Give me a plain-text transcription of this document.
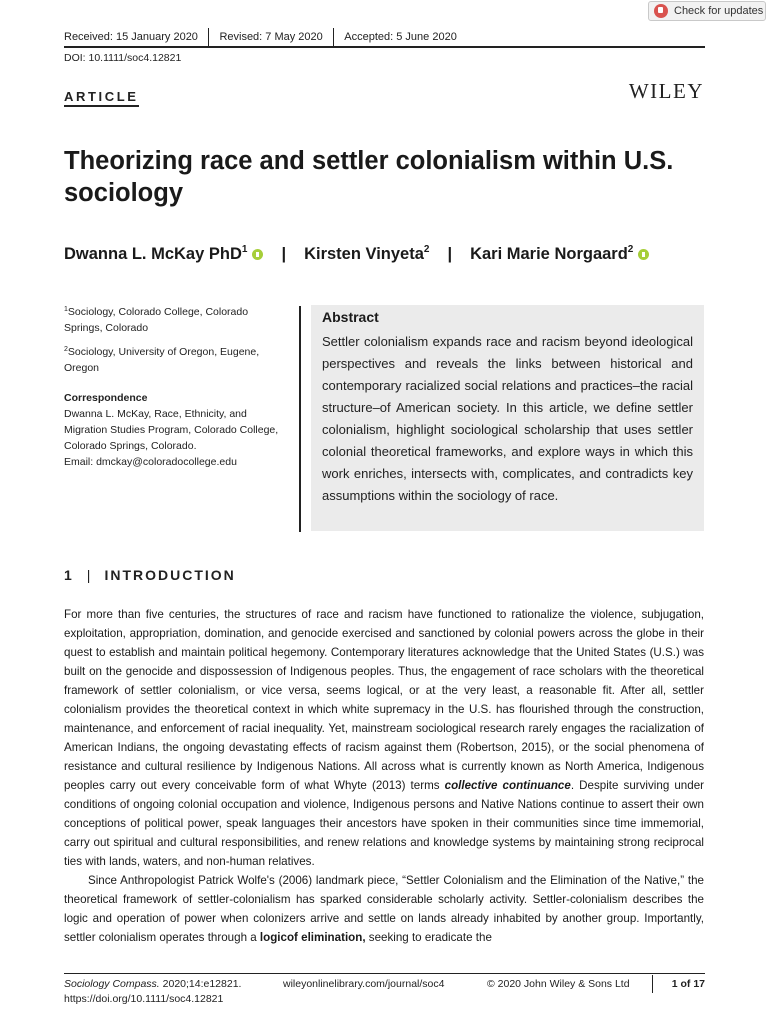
Check for updates
Received: 15 January 2020 Revised: 7 May 2020 Accepted: 5 June 2020
DOI: 10.1111/soc4.12821
ARTICLE	WILEY
Theorizing race and settler colonialism within U.S. sociology
Dwanna L. McKay PhD$^1$ | Kirsten Vinyeta$^2$ | Kari Marie Norgaard$^2$

$^1$Sociology, Colorado College, Colorado Springs, Colorado

$^2$Sociology, University of Oregon, Eugene, Oregon

Correspondence

Dwanna L. McKay, Race, Ethnicity, and Migration Studies Program, Colorado College, Colorado Springs, Colorado.

Email: dmckay@coloradocollege.edu

Abstract

Settler colonialism expands race and racism beyond ideological perspectives and reveals the links between historical and contemporary racialized social relations and practices–the racial structure–of American society. In this article, we define settler colonialism, highlight sociological scholarship that uses settler colonial theoretical frameworks, and explore ways in which this work enriches, intersects with, complicates, and contradicts key assumptions within the sociology of race.

1 | INTRODUCTION

For more than five centuries, the structures of race and racism have functioned to rationalize the violence, subjugation, exploitation, appropriation, domination, and genocide exercised and sanctioned by colonial powers across the globe in their quest to establish and maintain political hegemony. Contemporary literatures acknowledge that the United States (U.S.) was built on the genocide and dispossession of Indigenous peoples. Thus, the engagement of race scholars with the theoretical framework of settler colonialism, or vice versa, seems logical, or at the very least, a reasonable fit. After all, settler colonialism provides the theoretical context in which white supremacy in the U.S. has flourished through the construction, maintenance, and enforcement of racial inequality. Yet, mainstream sociological research rarely engages the racialization of American Indians, the ongoing devastating effects of racism against them (Robertson, 2015), or the social phenomena of resistance and cultural resilience by Indigenous Nations. All across what is currently known as North America, Indigenous peoples carry out every conceivable form of what Whyte (2013) terms collective continuance. Despite surviving under conditions of ongoing colonial occupation and violence, Indigenous persons and Native Nations continue to assert their own conceptions of political power, speak languages their ancestors have spoken in their communities since time immemorial, carry out spiritual and cultural responsibilities, and renew relations and knowledge systems by maintaining strong reciprocal ties with lands, waters, and non-human relatives.

Since Anthropologist Patrick Wolfe's (2006) landmark piece, “Settler Colonialism and the Elimination of the Native,” the theoretical framework of settler-colonialism has sparked considerable scholarly activity. Settler-colonialism describes the logic and operation of power when colonizers arrive and settle on lands already inhabited by another group. Importantly, settler colonialism operates through a logicof elimination, seeking to eradicate the

Sociology Compass. 2020;14:e12821.	wileyonlinelibrary.com/journal/soc4	© 2020 John Wiley & Sons Ltd	1 of 17
https://doi.org/10.1111/soc4.12821
